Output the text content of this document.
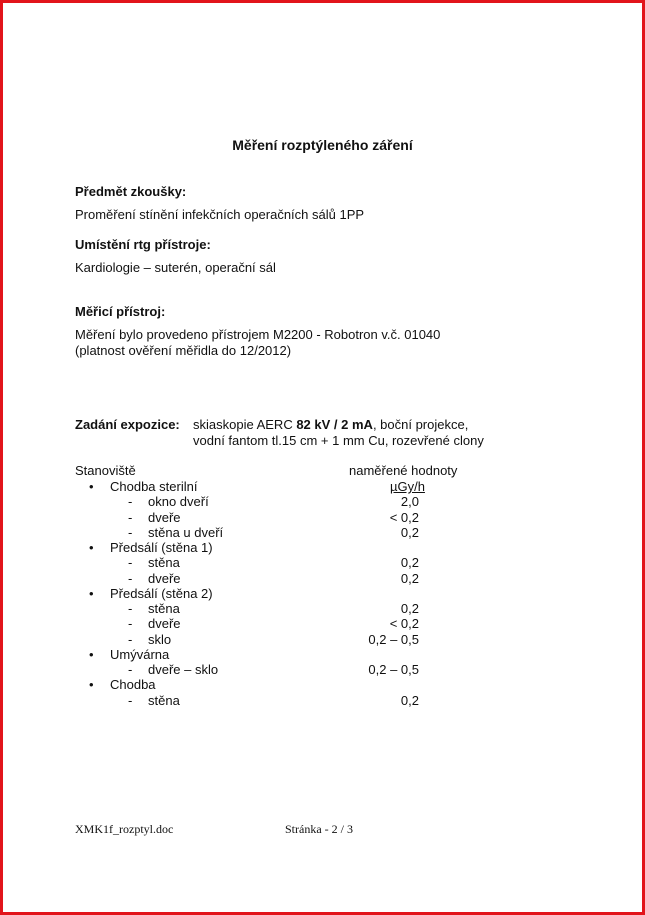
Měření rozptýleného záření
Předmět zkoušky:
Proměření stínění infekčních operačních sálů 1PP
Umístění rtg přístroje:
Kardiologie – suterén, operační sál
Měřicí přístroj:
Měření bylo provedeno přístrojem M2200 - Robotron v.č. 01040
(platnost ověření měřidla do 12/2012)
Zadání expozice: skiaskopie AERC 82 kV / 2 mA, boční projekce,
vodní fantom tl.15 cm + 1 mm Cu, rozevřené clony
Stanoviště	naměřené hodnoty
µGy/h
• Chodba sterilní
- okno dveří	2,0
- dveře	< 0,2
- stěna u dveří	0,2
• Předsálí (stěna 1)
- stěna	0,2
- dveře	0,2
• Předsálí (stěna 2)
- stěna	0,2
- dveře	< 0,2
- sklo	0,2 – 0,5
• Umývárna
- dveře – sklo	0,2 – 0,5
• Chodba
- stěna	0,2
XMK1f_rozptyl.doc	Stránka - 2 / 3
